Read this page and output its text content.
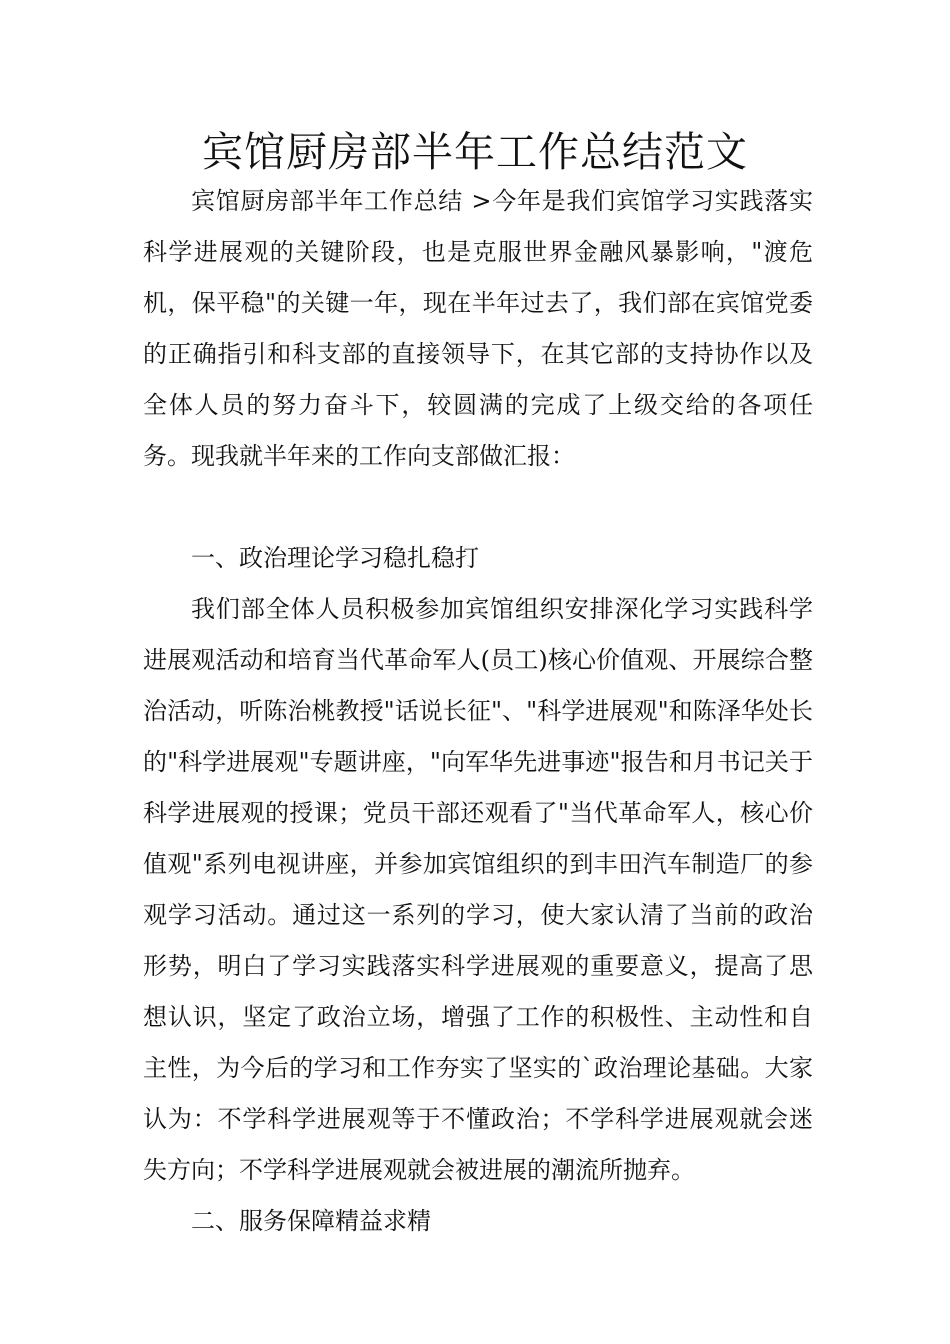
宾馆厨房部半年工作总结范文

宾馆厨房部半年工作总结 >今年是我们宾馆学习实践落实科学进展观的关键阶段，也是克服世界金融风暴影响，"渡危机，保平稳"的关键一年，现在半年过去了，我们部在宾馆党委的正确指引和科支部的直接领导下，在其它部的支持协作以及全体人员的努力奋斗下，较圆满的完成了上级交给的各项任务。现我就半年来的工作向支部做汇报：

一、政治理论学习稳扎稳打

我们部全体人员积极参加宾馆组织安排深化学习实践科学进展观活动和培育当代革命军人(员工)核心价值观、开展综合整治活动，听陈治桃教授"话说长征"、"科学进展观"和陈泽华处长的"科学进展观"专题讲座，"向军华先进事迹"报告和月书记关于科学进展观的授课；党员干部还观看了"当代革命军人，核心价值观"系列电视讲座，并参加宾馆组织的到丰田汽车制造厂的参观学习活动。通过这一系列的学习，使大家认清了当前的政治形势，明白了学习实践落实科学进展观的重要意义，提高了思想认识，坚定了政治立场，增强了工作的积极性、主动性和自主性，为今后的学习和工作夯实了坚实的`政治理论基础。大家认为：不学科学进展观等于不懂政治；不学科学进展观就会迷失方向；不学科学进展观就会被进展的潮流所抛弃。

二、服务保障精益求精
